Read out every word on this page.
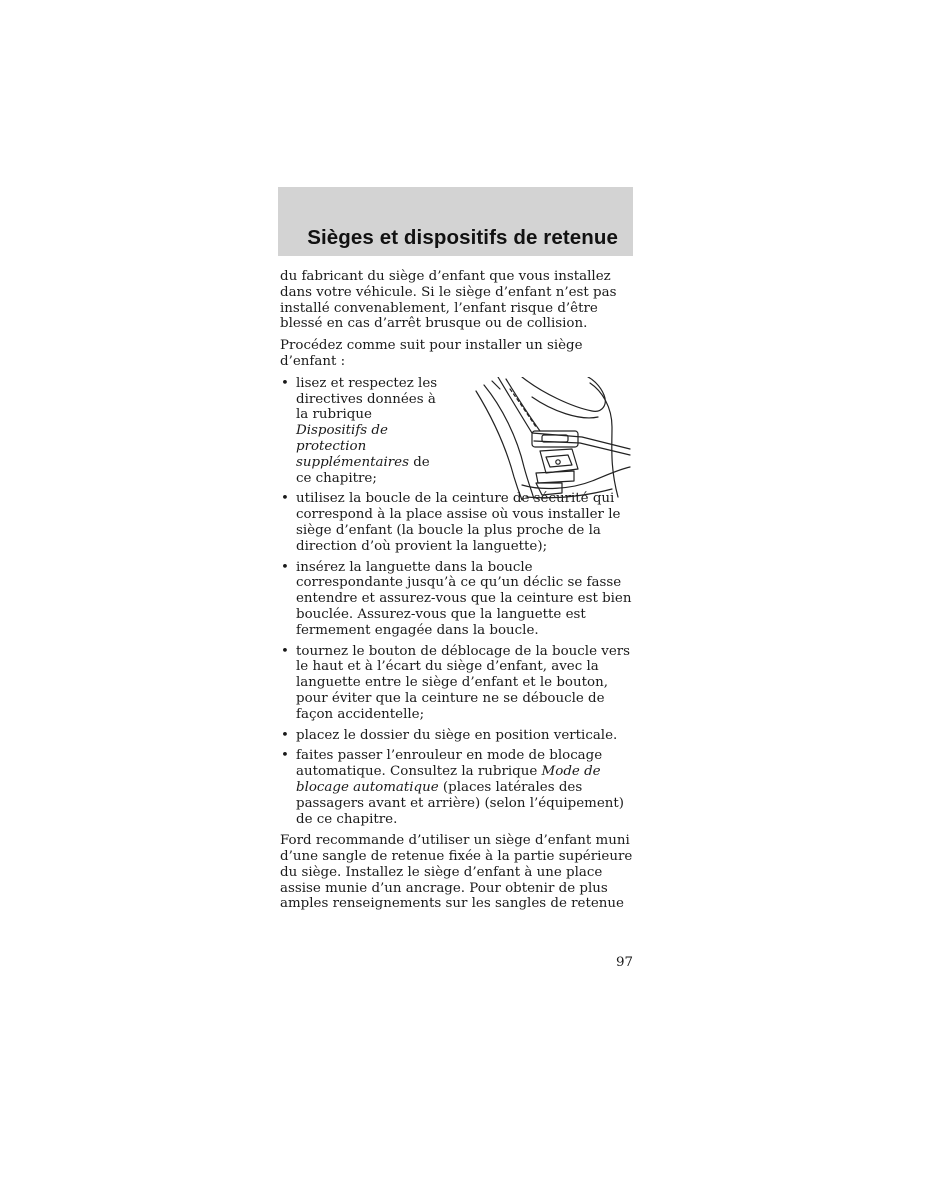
Sièges et dispositifs de retenue

du fabricant du siège d’enfant que vous installez dans votre véhicule. Si le siège d’enfant n’est pas installé convenablement, l’enfant risque d’être blessé en cas d’arrêt brusque ou de collision.

Procédez comme suit pour installer un siège d’enfant :

• lisez et respectez les directives données à la rubrique Dispositifs de protection supplémentaires de ce chapitre;
• utilisez la boucle de la ceinture de sécurité qui correspond à la place assise où vous installer le siège d’enfant (la boucle la plus proche de la direction d’où provient la languette);
• insérez la languette dans la boucle correspondante jusqu’à ce qu’un déclic se fasse entendre et assurez-vous que la ceinture est bien bouclée. Assurez-vous que la languette est fermement engagée dans la boucle.
• tournez le bouton de déblocage de la boucle vers le haut et à l’écart du siège d’enfant, avec la languette entre le siège d’enfant et le bouton, pour éviter que la ceinture ne se déboucle de façon accidentelle;
• placez le dossier du siège en position verticale.
• faites passer l’enrouleur en mode de blocage automatique. Consultez la rubrique Mode de blocage automatique (places latérales des passagers avant et arrière) (selon l’équipement) de ce chapitre.

Ford recommande d’utiliser un siège d’enfant muni d’une sangle de retenue fixée à la partie supérieure du siège. Installez le siège d’enfant à une place assise munie d’un ancrage. Pour obtenir de plus amples renseignements sur les sangles de retenue

97
